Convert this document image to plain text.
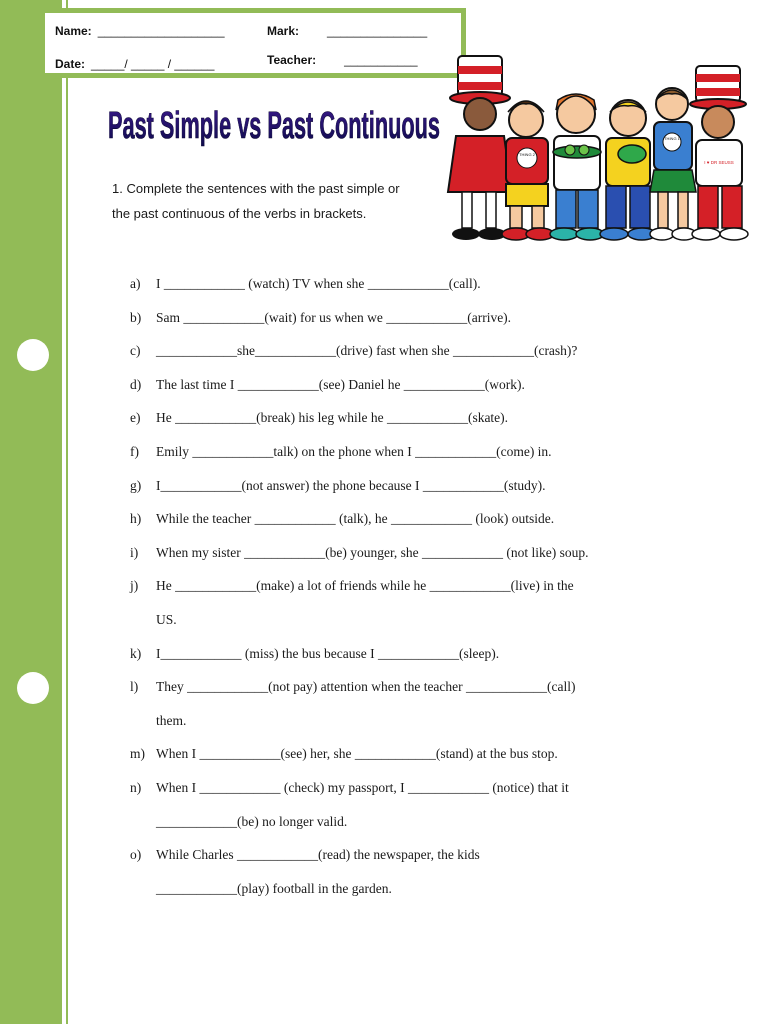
Name: ___________________
Date: _____/ _____ / ______
Mark: _______________
Teacher: ___________
Past Simple vs Past Continuous
THING 2
THING 1
I ♥ DR SEUSS

1. Complete the sentences with the past simple or
the past continuous of the verbs in brackets.

a) I ____________ (watch) TV when she ____________(call).
b) Sam ____________(wait) for us when we ____________(arrive).
c) ____________she____________(drive) fast when she ____________(crash)?
d) The last time I ____________(see) Daniel he ____________(work).
e) He ____________(break) his leg while he ____________(skate).
f) Emily ____________talk) on the phone when I ____________(come) in.
g) I____________(not answer) the phone because I ____________(study).
h) While the teacher ____________ (talk), he ____________ (look) outside.
i) When my sister ____________(be) younger, she ____________ (not like) soup.
j) He ____________(make) a lot of friends while he ____________(live) in the
US.
k) I____________ (miss) the bus because I ____________(sleep).
l) They ____________(not pay) attention when the teacher ____________(call)
them.
m) When I ____________(see) her, she ____________(stand) at the bus stop.
n) When I ____________ (check) my passport, I ____________ (notice) that it
____________(be) no longer valid.
o) While Charles ____________(read) the newspaper, the kids
____________(play) football in the garden.
